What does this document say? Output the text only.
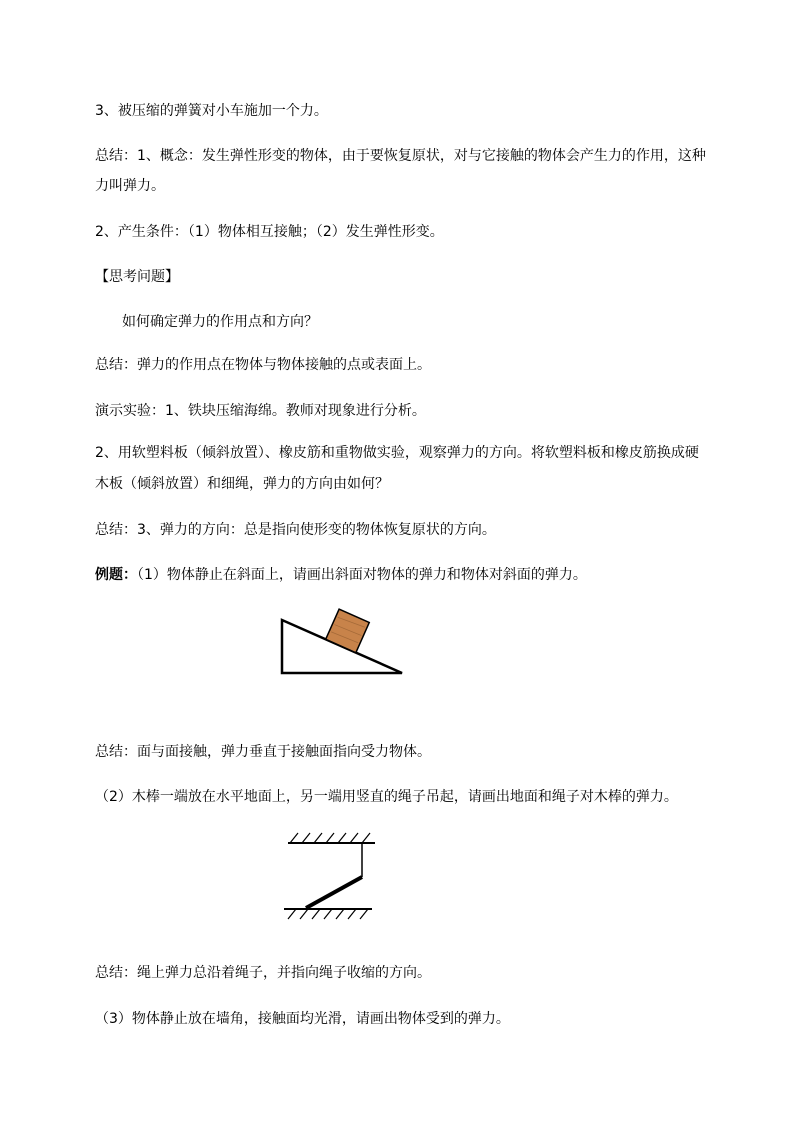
3、被压缩的弹簧对小车施加一个力。
总结：1、概念：发生弹性形变的物体，由于要恢复原状，对与它接触的物体会产生力的作用，这种
力叫弹力。
2、产生条件：（1）物体相互接触；（2）发生弹性形变。
【思考问题】
如何确定弹力的作用点和方向？
总结：弹力的作用点在物体与物体接触的点或表面上。
演示实验：1、铁块压缩海绵。教师对现象进行分析。
2、用软塑料板（倾斜放置）、橡皮筋和重物做实验，观察弹力的方向。将软塑料板和橡皮筋换成硬
木板（倾斜放置）和细绳，弹力的方向由如何？
总结：3、弹力的方向：总是指向使形变的物体恢复原状的方向。
例题：（1）物体静止在斜面上，请画出斜面对物体的弹力和物体对斜面的弹力。
总结：面与面接触，弹力垂直于接触面指向受力物体。
（2）木棒一端放在水平地面上，另一端用竖直的绳子吊起，请画出地面和绳子对木棒的弹力。
总结：绳上弹力总沿着绳子，并指向绳子收缩的方向。
（3）物体静止放在墙角，接触面均光滑，请画出物体受到的弹力。
